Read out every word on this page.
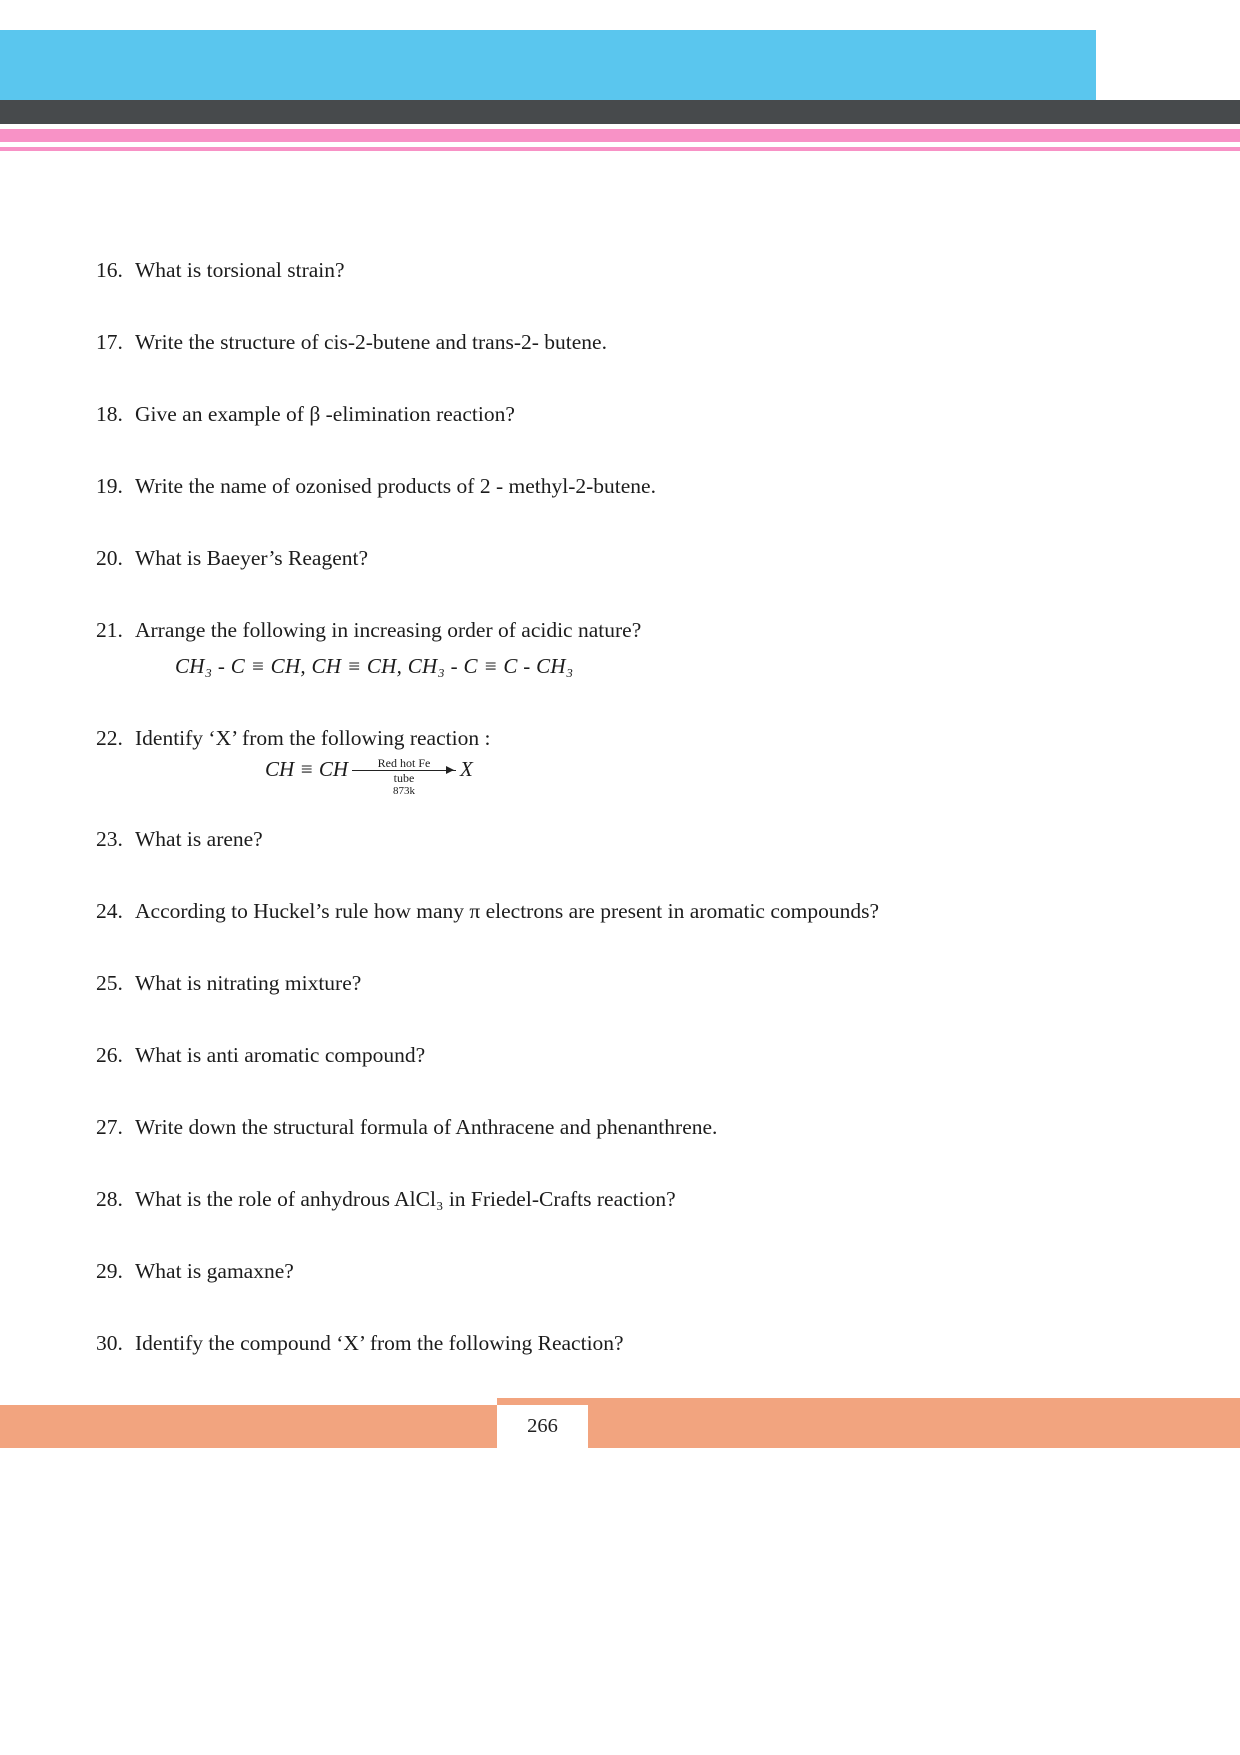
16. What is torsional strain?
17. Write the structure of cis-2-butene and trans-2- butene.
18. Give an example of β -elimination reaction?
19. Write the name of ozonised products of 2 - methyl-2-butene.
20. What is Baeyer’s Reagent?
21. Arrange the following in increasing order of acidic nature?
CH₃ - C ≡ CH, CH ≡ CH, CH₃ - C ≡ C - CH₃
22. Identify ‘X’ from the following reaction :
CH ≡ CH Red hot Fe
tube
873k
X
23. What is arene?
24. According to Huckel’s rule how many π electrons are present in aromatic compounds?
25. What is nitrating mixture?
26. What is anti aromatic compound?
27. Write down the structural formula of Anthracene and phenanthrene.
28. What is the role of anhydrous AlCl₃ in Friedel-Crafts reaction?
29. What is gamaxne?
30. Identify the compound ‘X’ from the following Reaction?
266
